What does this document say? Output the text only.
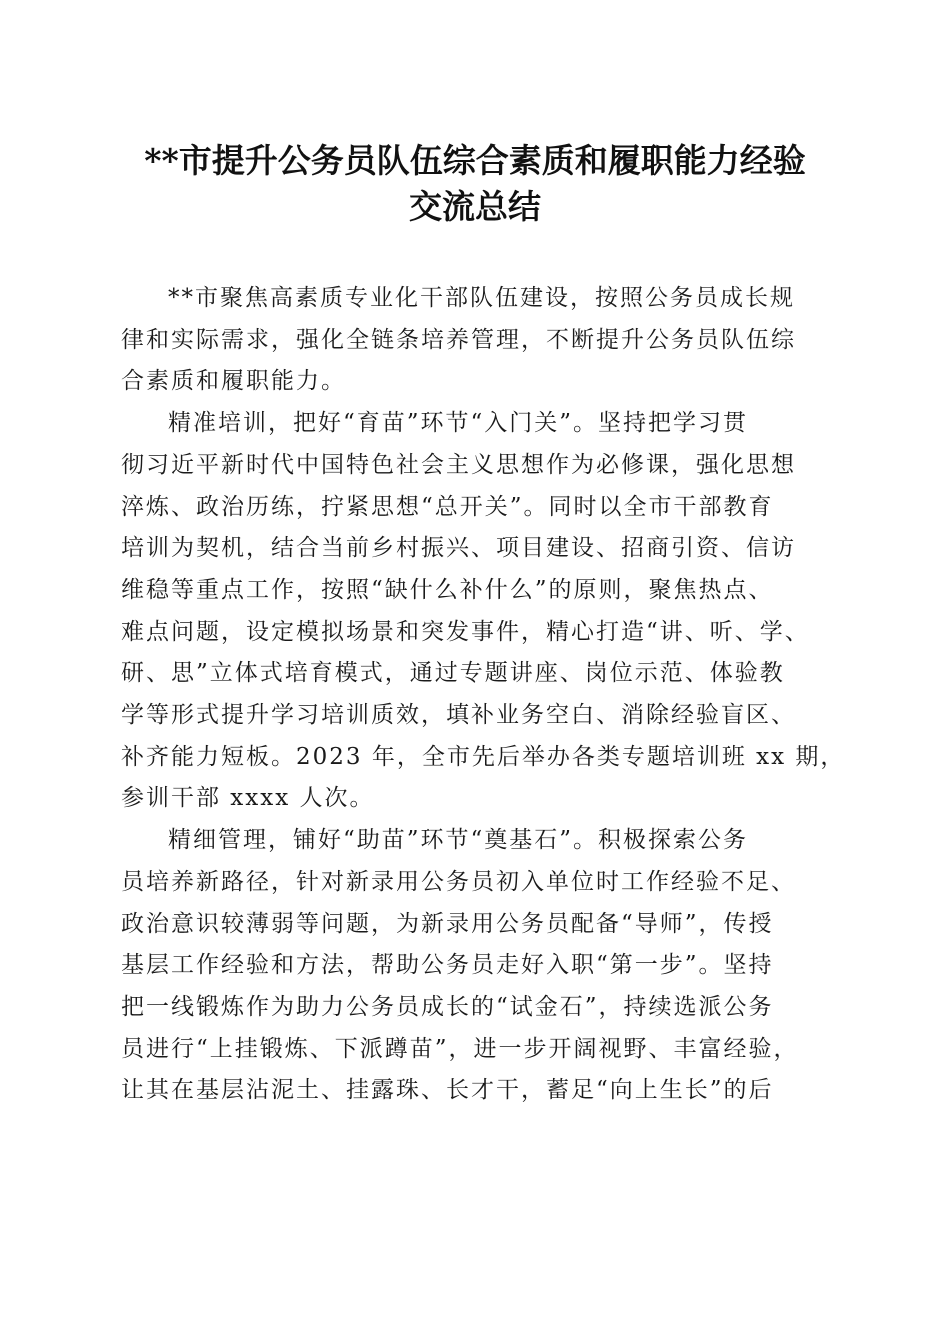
**市提升公务员队伍综合素质和履职能力经验
交流总结

**市聚焦高素质专业化干部队伍建设，按照公务员成长规
律和实际需求，强化全链条培养管理，不断提升公务员队伍综
合素质和履职能力。

精准培训，把好“育苗”环节“入门关”。坚持把学习贯
彻习近平新时代中国特色社会主义思想作为必修课，强化思想
淬炼、政治历练，拧紧思想“总开关”。同时以全市干部教育
培训为契机，结合当前乡村振兴、项目建设、招商引资、信访
维稳等重点工作，按照“缺什么补什么”的原则，聚焦热点、
难点问题，设定模拟场景和突发事件，精心打造“讲、听、学、
研、思”立体式培育模式，通过专题讲座、岗位示范、体验教
学等形式提升学习培训质效，填补业务空白、消除经验盲区、
补齐能力短板。2023 年，全市先后举办各类专题培训班 xx 期，
参训干部 xxxx 人次。

精细管理，铺好“助苗”环节“奠基石”。积极探索公务
员培养新路径，针对新录用公务员初入单位时工作经验不足、
政治意识较薄弱等问题，为新录用公务员配备“导师”，传授
基层工作经验和方法，帮助公务员走好入职“第一步”。坚持
把一线锻炼作为助力公务员成长的“试金石”，持续选派公务
员进行“上挂锻炼、下派蹲苗”，进一步开阔视野、丰富经验，
让其在基层沾泥土、挂露珠、长才干，蓄足“向上生长”的后
